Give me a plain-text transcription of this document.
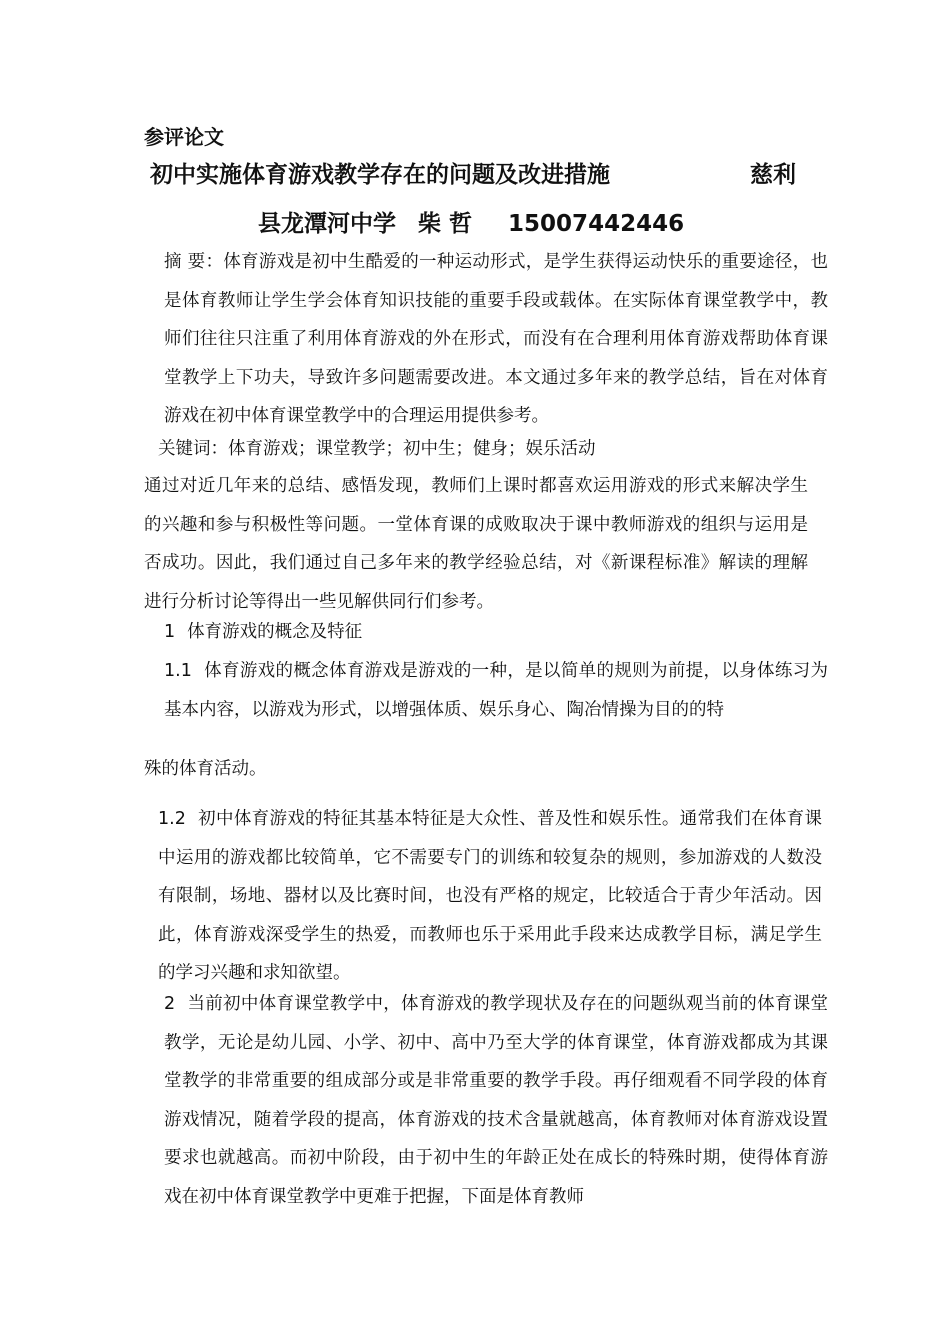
参评论文
初中实施体育游戏教学存在的问题及改进措施	慈利
县龙潭河中学 柴 哲 15007442446
摘 要：体育游戏是初中生酷爱的一种运动形式，是学生获得运动快乐的重要途径，也是体育教师让学生学会体育知识技能的重要手段或载体。在实际体育课堂教学中，教师们往往只注重了利用体育游戏的外在形式，而没有在合理利用体育游戏帮助体育课堂教学上下功夫，导致许多问题需要改进。本文通过多年来的教学总结，旨在对体育游戏在初中体育课堂教学中的合理运用提供参考。
关键词：体育游戏；课堂教学；初中生；健身；娱乐活动
通过对近几年来的总结、感悟发现，教师们上课时都喜欢运用游戏的形式来解决学生的兴趣和参与积极性等问题。一堂体育课的成败取决于课中教师游戏的组织与运用是否成功。因此，我们通过自己多年来的教学经验总结，对《新课程标准》解读的理解进行分析讨论等得出一些见解供同行们参考。
1 体育游戏的概念及特征
1.1 体育游戏的概念体育游戏是游戏的一种，是以简单的规则为前提，以身体练习为基本内容，以游戏为形式，以增强体质、娱乐身心、陶冶情操为目的的特
殊的体育活动。
1.2 初中体育游戏的特征其基本特征是大众性、普及性和娱乐性。通常我们在体育课中运用的游戏都比较简单，它不需要专门的训练和较复杂的规则，参加游戏的人数没有限制，场地、器材以及比赛时间，也没有严格的规定，比较适合于青少年活动。因此，体育游戏深受学生的热爱，而教师也乐于采用此手段来达成教学目标，满足学生的学习兴趣和求知欲望。
2 当前初中体育课堂教学中，体育游戏的教学现状及存在的问题纵观当前的体育课堂教学，无论是幼儿园、小学、初中、高中乃至大学的体育课堂，体育游戏都成为其课堂教学的非常重要的组成部分或是非常重要的教学手段。再仔细观看不同学段的体育游戏情况，随着学段的提高，体育游戏的技术含量就越高，体育教师对体育游戏设置要求也就越高。而初中阶段，由于初中生的年龄正处在成长的特殊时期，使得体育游戏在初中体育课堂教学中更难于把握，下面是体育教师
